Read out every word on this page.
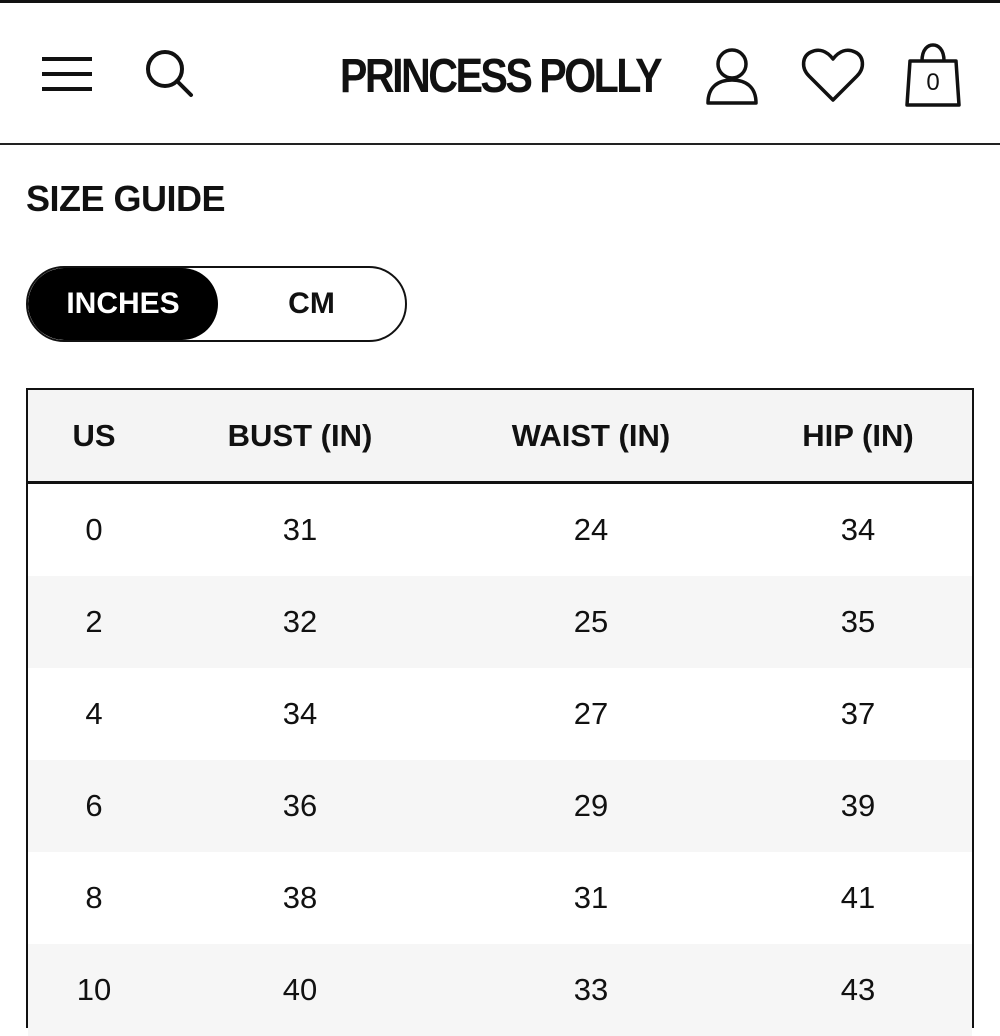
PRINCESS POLLY	0
SIZE GUIDE
CM
INCHES
US	BUST (IN)	WAIST (IN)	HIP (IN)
0	31	24	34
2	32	25	35
4	34	27	37
6	36	29	39
8	38	31	41
10	40	33	43
